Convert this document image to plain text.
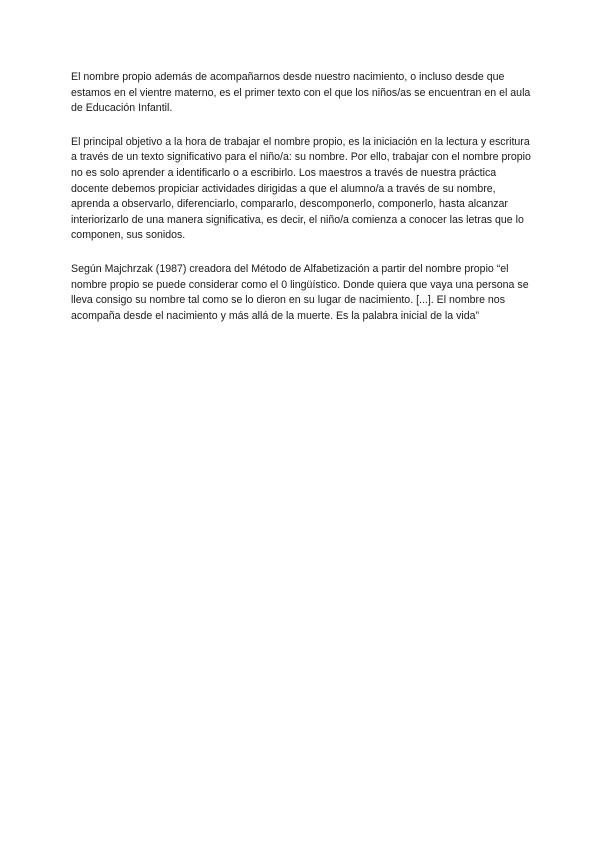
El nombre propio además de acompañarnos desde nuestro nacimiento, o incluso desde que estamos en el vientre materno, es el primer texto con el que los niños/as se encuentran en el aula de Educación Infantil.

El principal objetivo a la hora de trabajar el nombre propio, es la iniciación en la lectura y escritura a través de un texto significativo para el niño/a: su nombre. Por ello, trabajar con el nombre propio no es solo aprender a identificarlo o a escribirlo. Los maestros a través de nuestra práctica docente debemos propiciar actividades dirigidas a que el alumno/a a través de su nombre, aprenda a observarlo, diferenciarlo, compararlo, descomponerlo, componerlo, hasta alcanzar interiorizarlo de una manera significativa, es decir, el niño/a comienza a conocer las letras que lo componen, sus sonidos.

Según Majchrzak (1987) creadora del Método de Alfabetización a partir del nombre propio “el nombre propio se puede considerar como el 0 lingüístico. Donde quiera que vaya una persona se lleva consigo su nombre tal como se lo dieron en su lugar de nacimiento. [...]. El nombre nos acompaña desde el nacimiento y más allá de la muerte. Es la palabra inicial de la vida”
